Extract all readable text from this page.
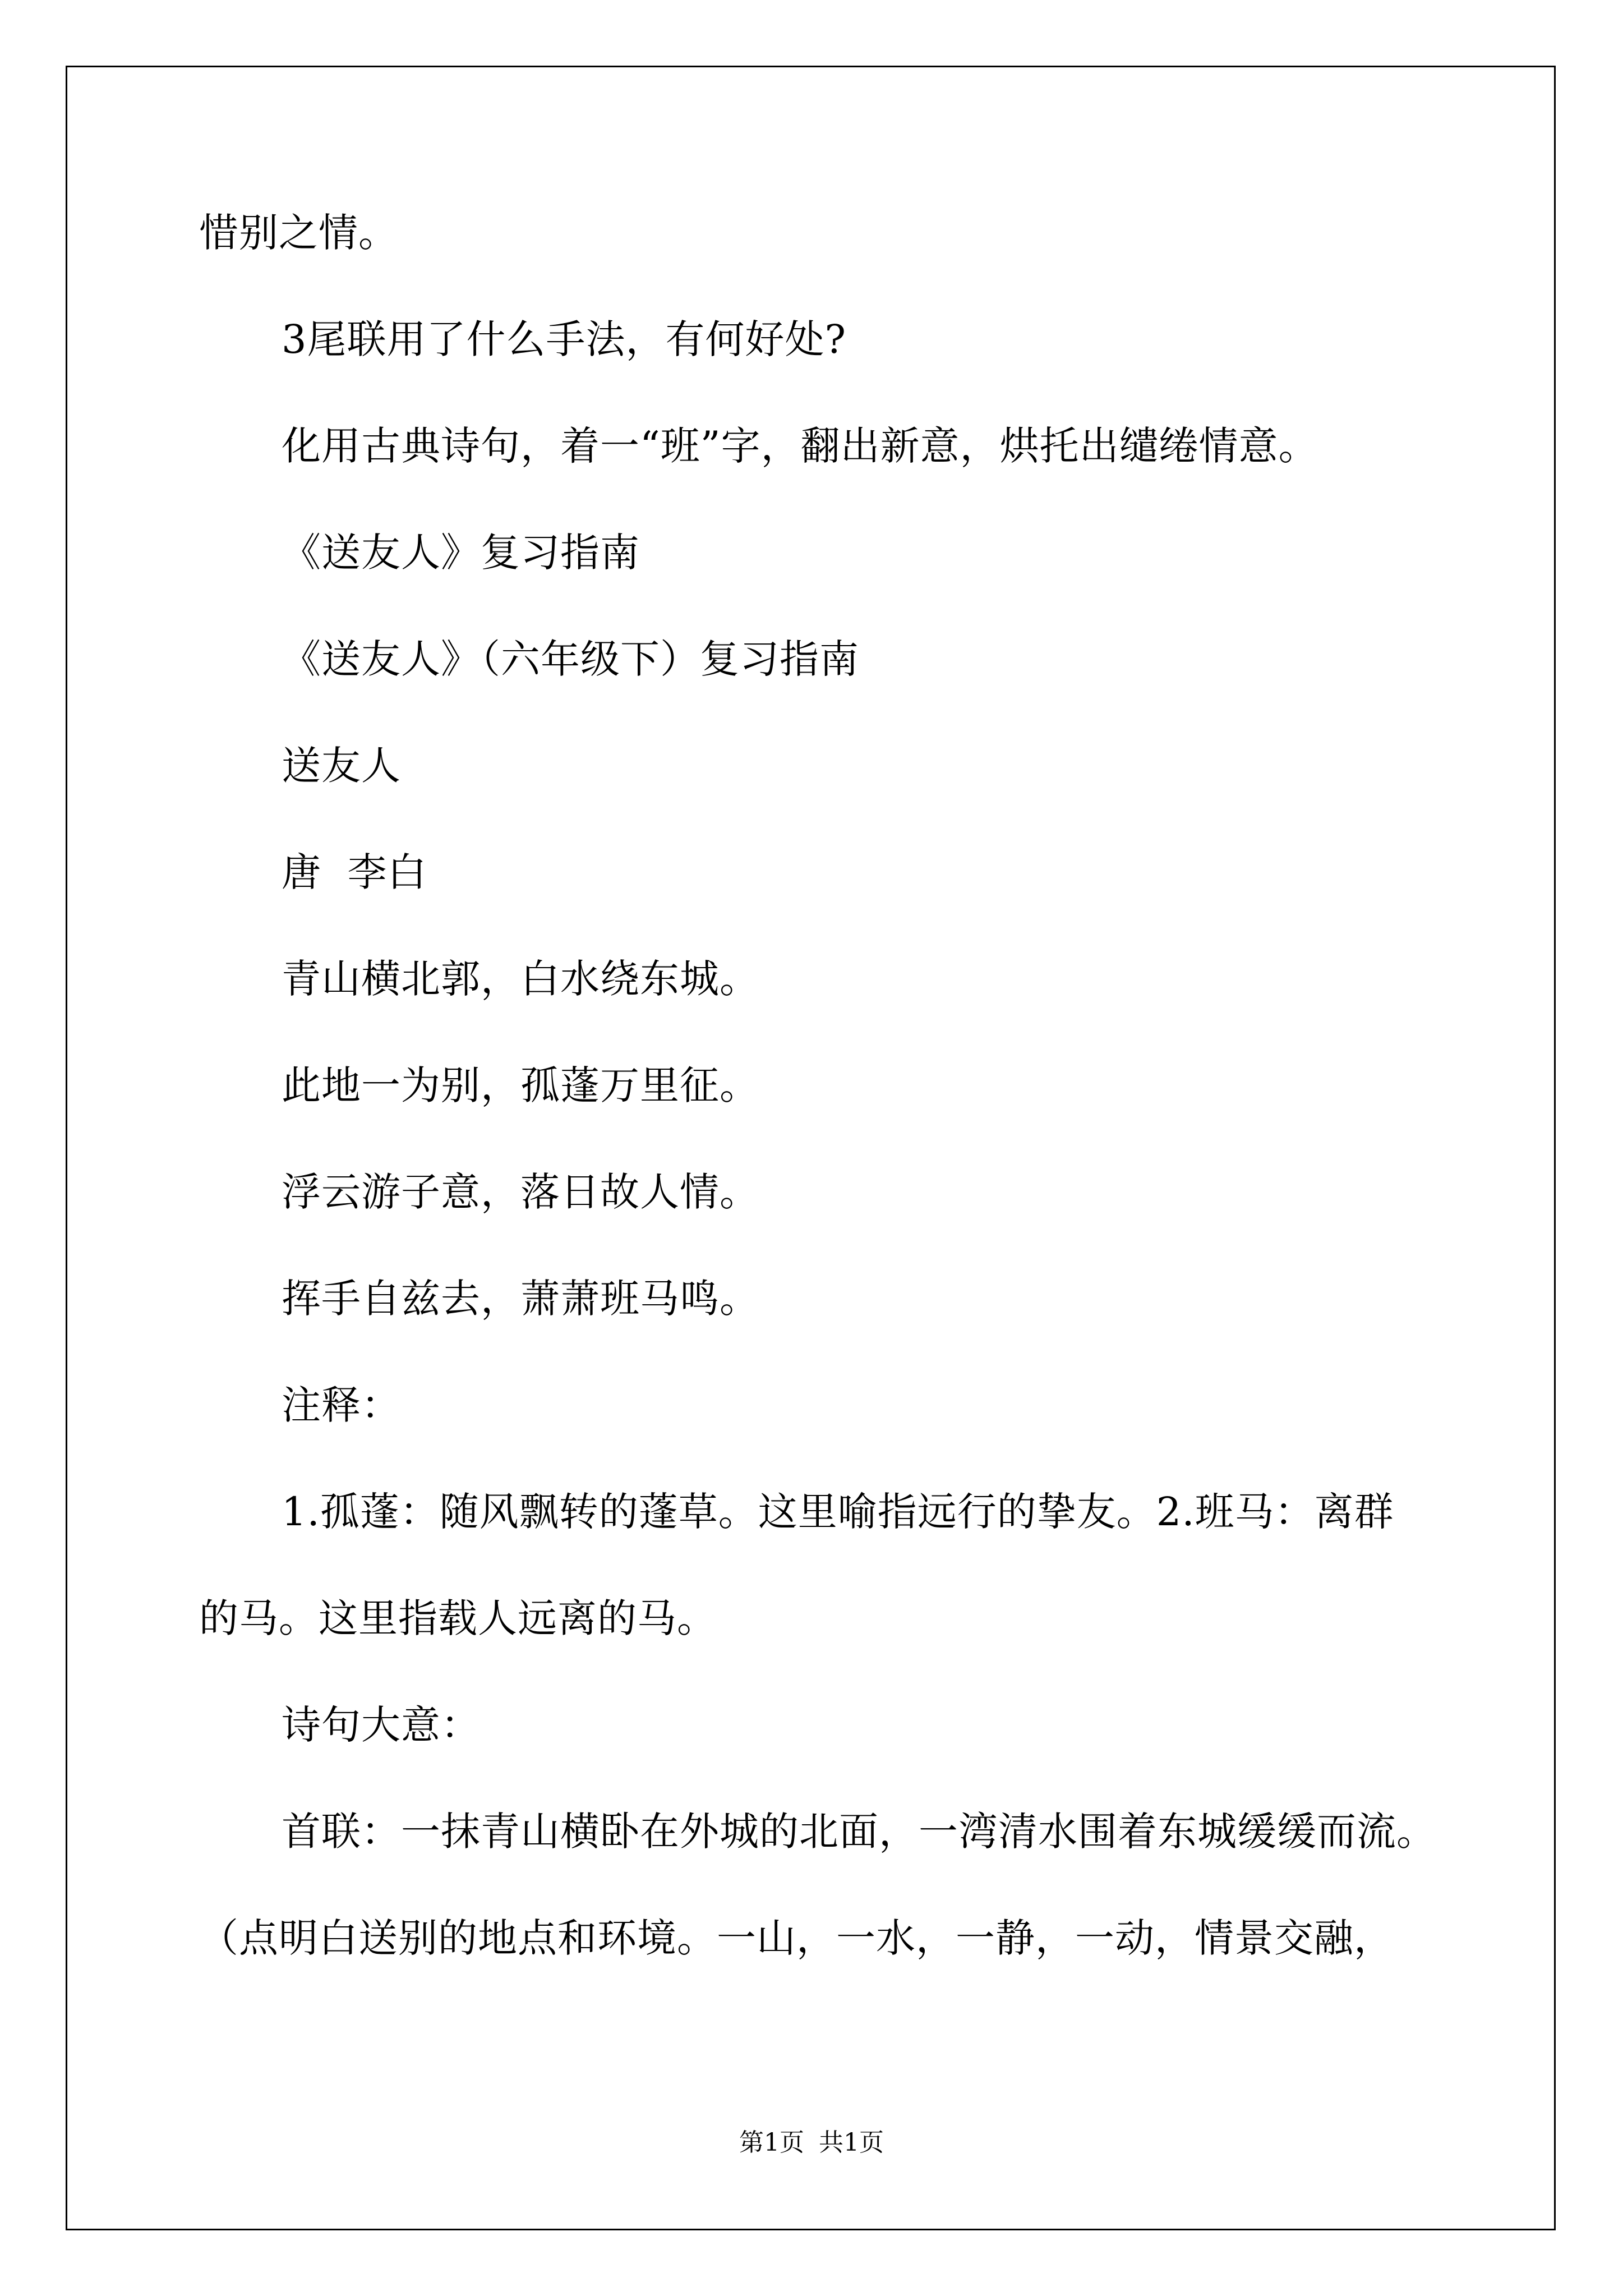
惜别之情。
3尾联用了什么手法，有何好处?
化用古典诗句，着一“班”字，翻出新意，烘托出缱绻情意。
《送友人》复习指南
《送友人》（六年级下）复习指南
送友人
唐  李白
青山横北郭，白水绕东城。
此地一为别，孤蓬万里征。
浮云游子意，落日故人情。
挥手自兹去，萧萧班马鸣。
注释：
1.孤蓬：随风飘转的蓬草。这里喻指远行的挚友。2.班马：离群
的马。这里指载人远离的马。
诗句大意：
首联：一抹青山横卧在外城的北面，一湾清水围着东城缓缓而流。
（点明白送别的地点和环境。一山，一水，一静，一动，情景交融，
第1页 共1页
